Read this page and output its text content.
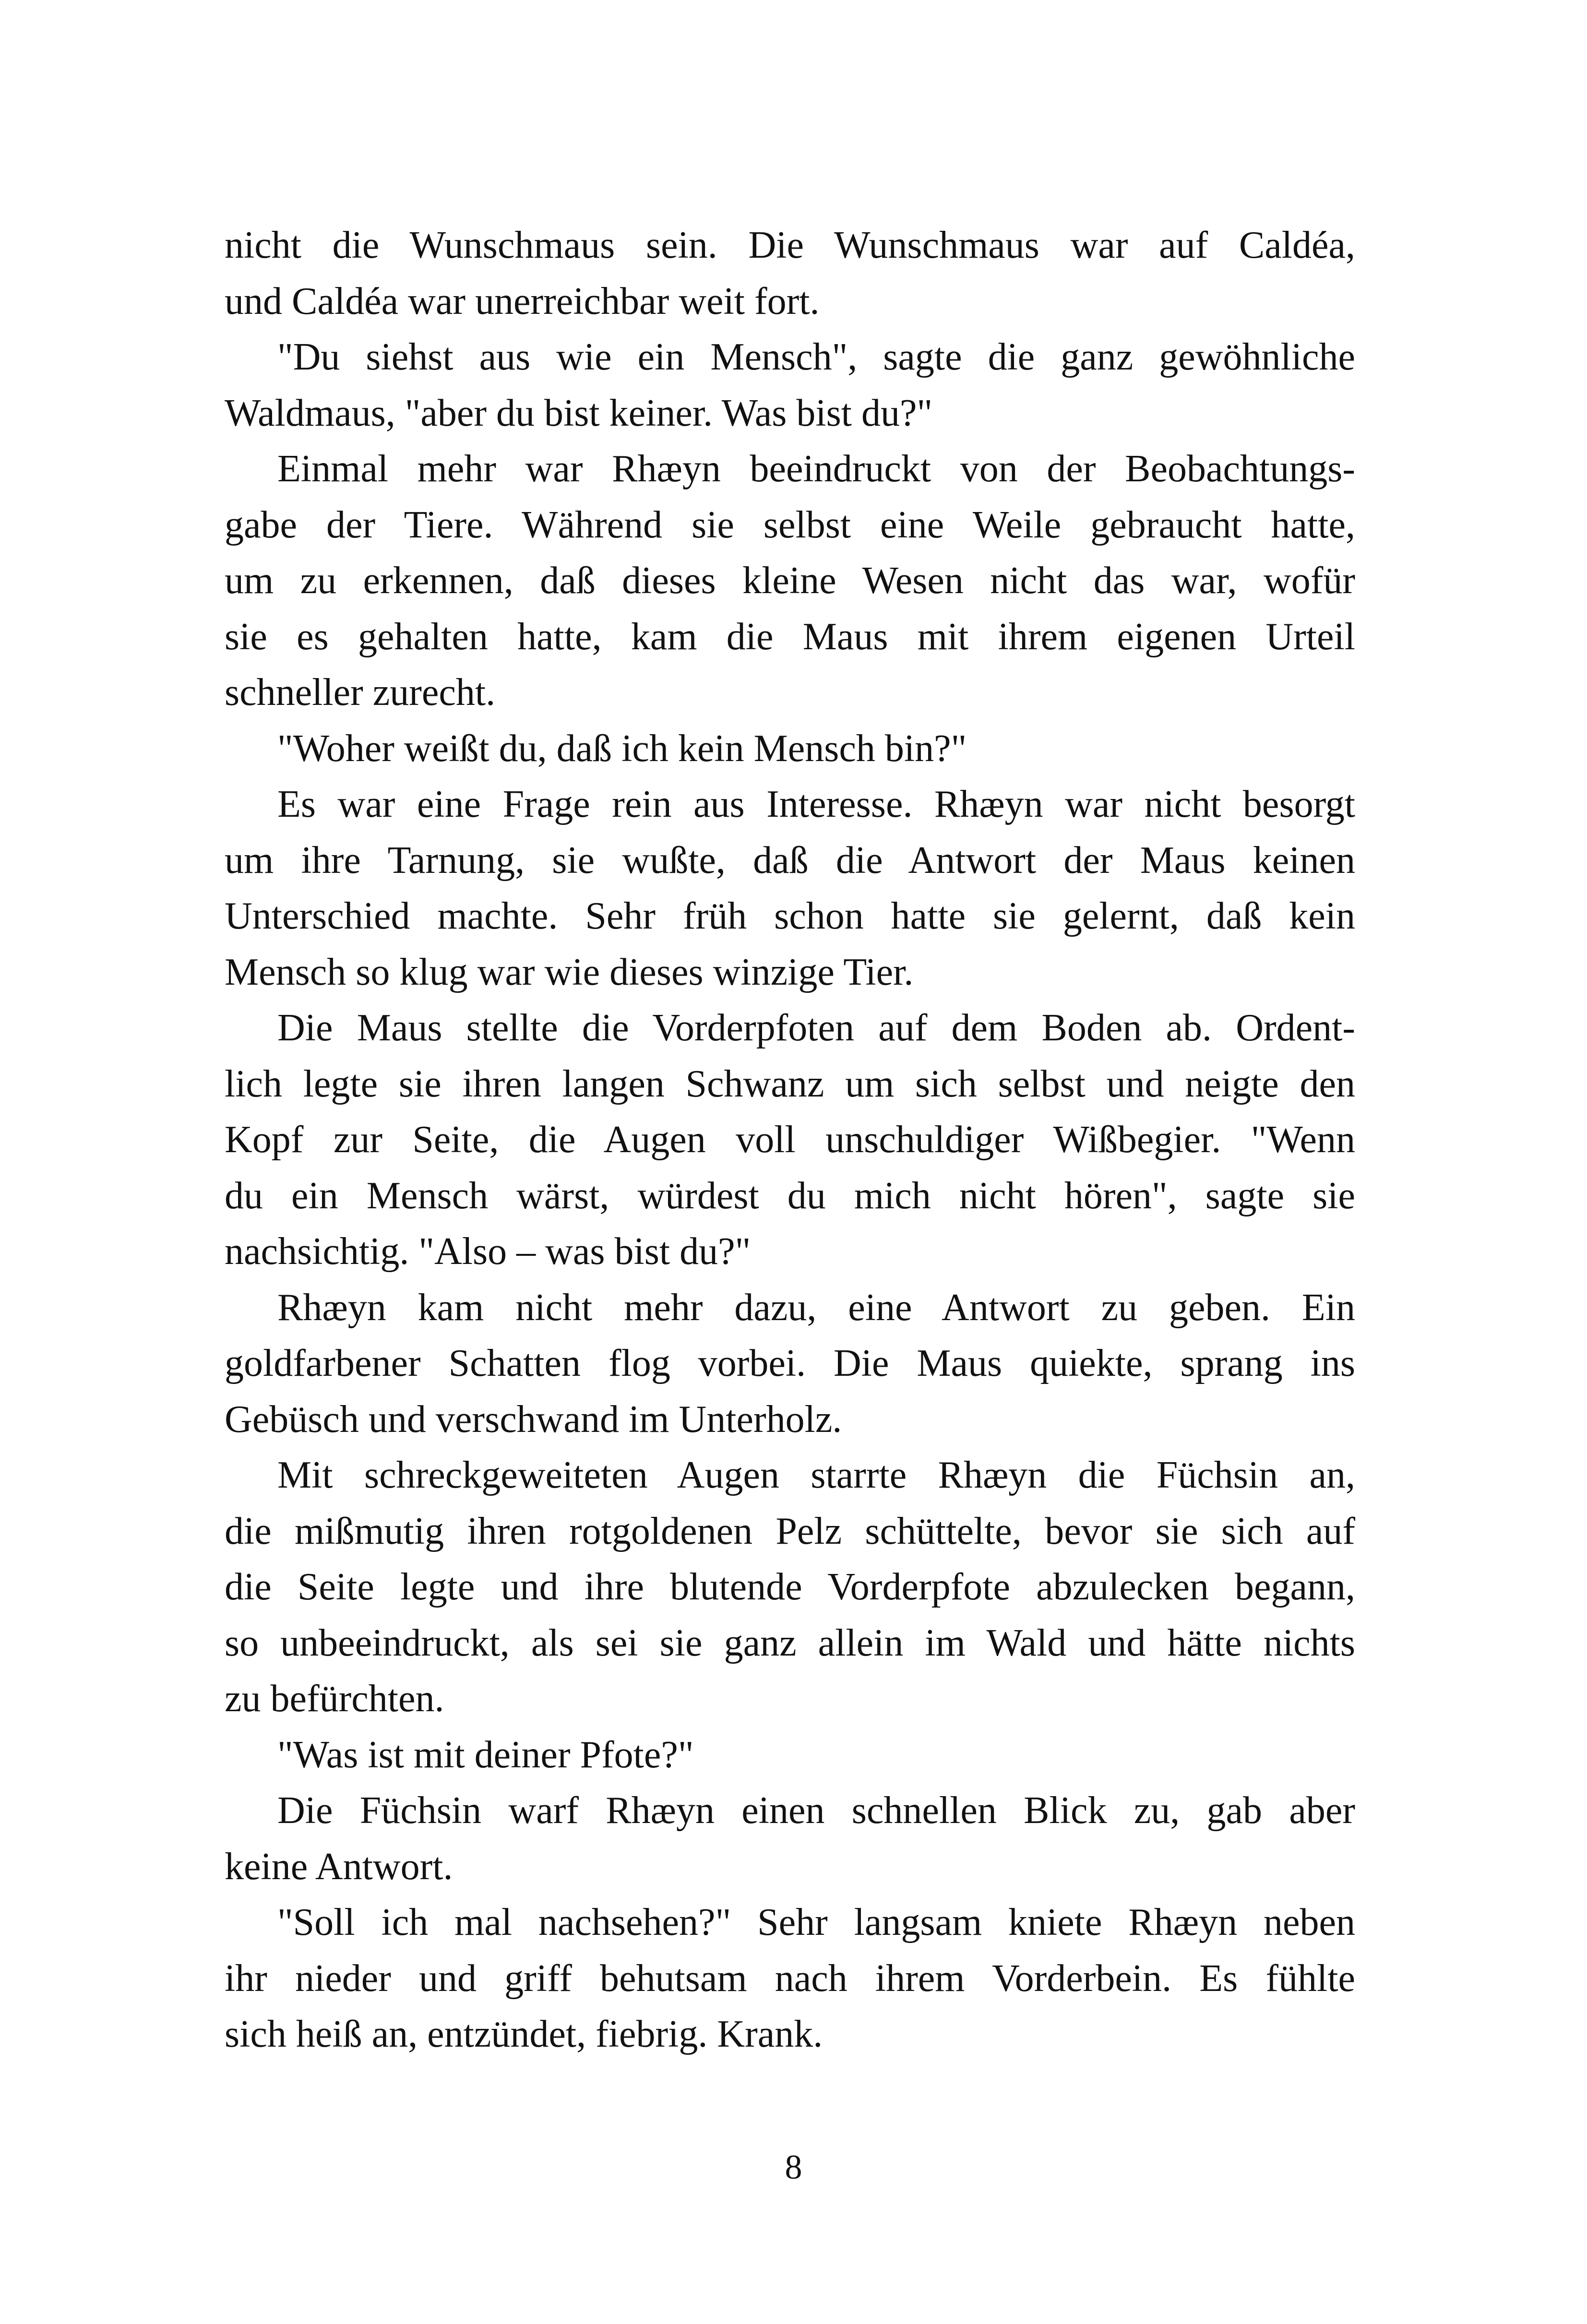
nicht die Wunschmaus sein. Die Wunschmaus war auf Caldéa,
und Caldéa war unerreichbar weit fort.
"Du siehst aus wie ein Mensch", sagte die ganz gewöhnliche
Waldmaus, "aber du bist keiner. Was bist du?"
Einmal mehr war Rhæyn beeindruckt von der Beobachtungs-
gabe der Tiere. Während sie selbst eine Weile gebraucht hatte,
um zu erkennen, daß dieses kleine Wesen nicht das war, wofür
sie es gehalten hatte, kam die Maus mit ihrem eigenen Urteil
schneller zurecht.
"Woher weißt du, daß ich kein Mensch bin?"
Es war eine Frage rein aus Interesse. Rhæyn war nicht besorgt
um ihre Tarnung, sie wußte, daß die Antwort der Maus keinen
Unterschied machte. Sehr früh schon hatte sie gelernt, daß kein
Mensch so klug war wie dieses winzige Tier.
Die Maus stellte die Vorderpfoten auf dem Boden ab. Ordent-
lich legte sie ihren langen Schwanz um sich selbst und neigte den
Kopf zur Seite, die Augen voll unschuldiger Wißbegier. "Wenn
du ein Mensch wärst, würdest du mich nicht hören", sagte sie
nachsichtig. "Also – was bist du?"
Rhæyn kam nicht mehr dazu, eine Antwort zu geben. Ein
goldfarbener Schatten flog vorbei. Die Maus quiekte, sprang ins
Gebüsch und verschwand im Unterholz.
Mit schreckgeweiteten Augen starrte Rhæyn die Füchsin an,
die mißmutig ihren rotgoldenen Pelz schüttelte, bevor sie sich auf
die Seite legte und ihre blutende Vorderpfote abzulecken begann,
so unbeeindruckt, als sei sie ganz allein im Wald und hätte nichts
zu befürchten.
"Was ist mit deiner Pfote?"
Die Füchsin warf Rhæyn einen schnellen Blick zu, gab aber
keine Antwort.
"Soll ich mal nachsehen?" Sehr langsam kniete Rhæyn neben
ihr nieder und griff behutsam nach ihrem Vorderbein. Es fühlte
sich heiß an, entzündet, fiebrig. Krank.
8
